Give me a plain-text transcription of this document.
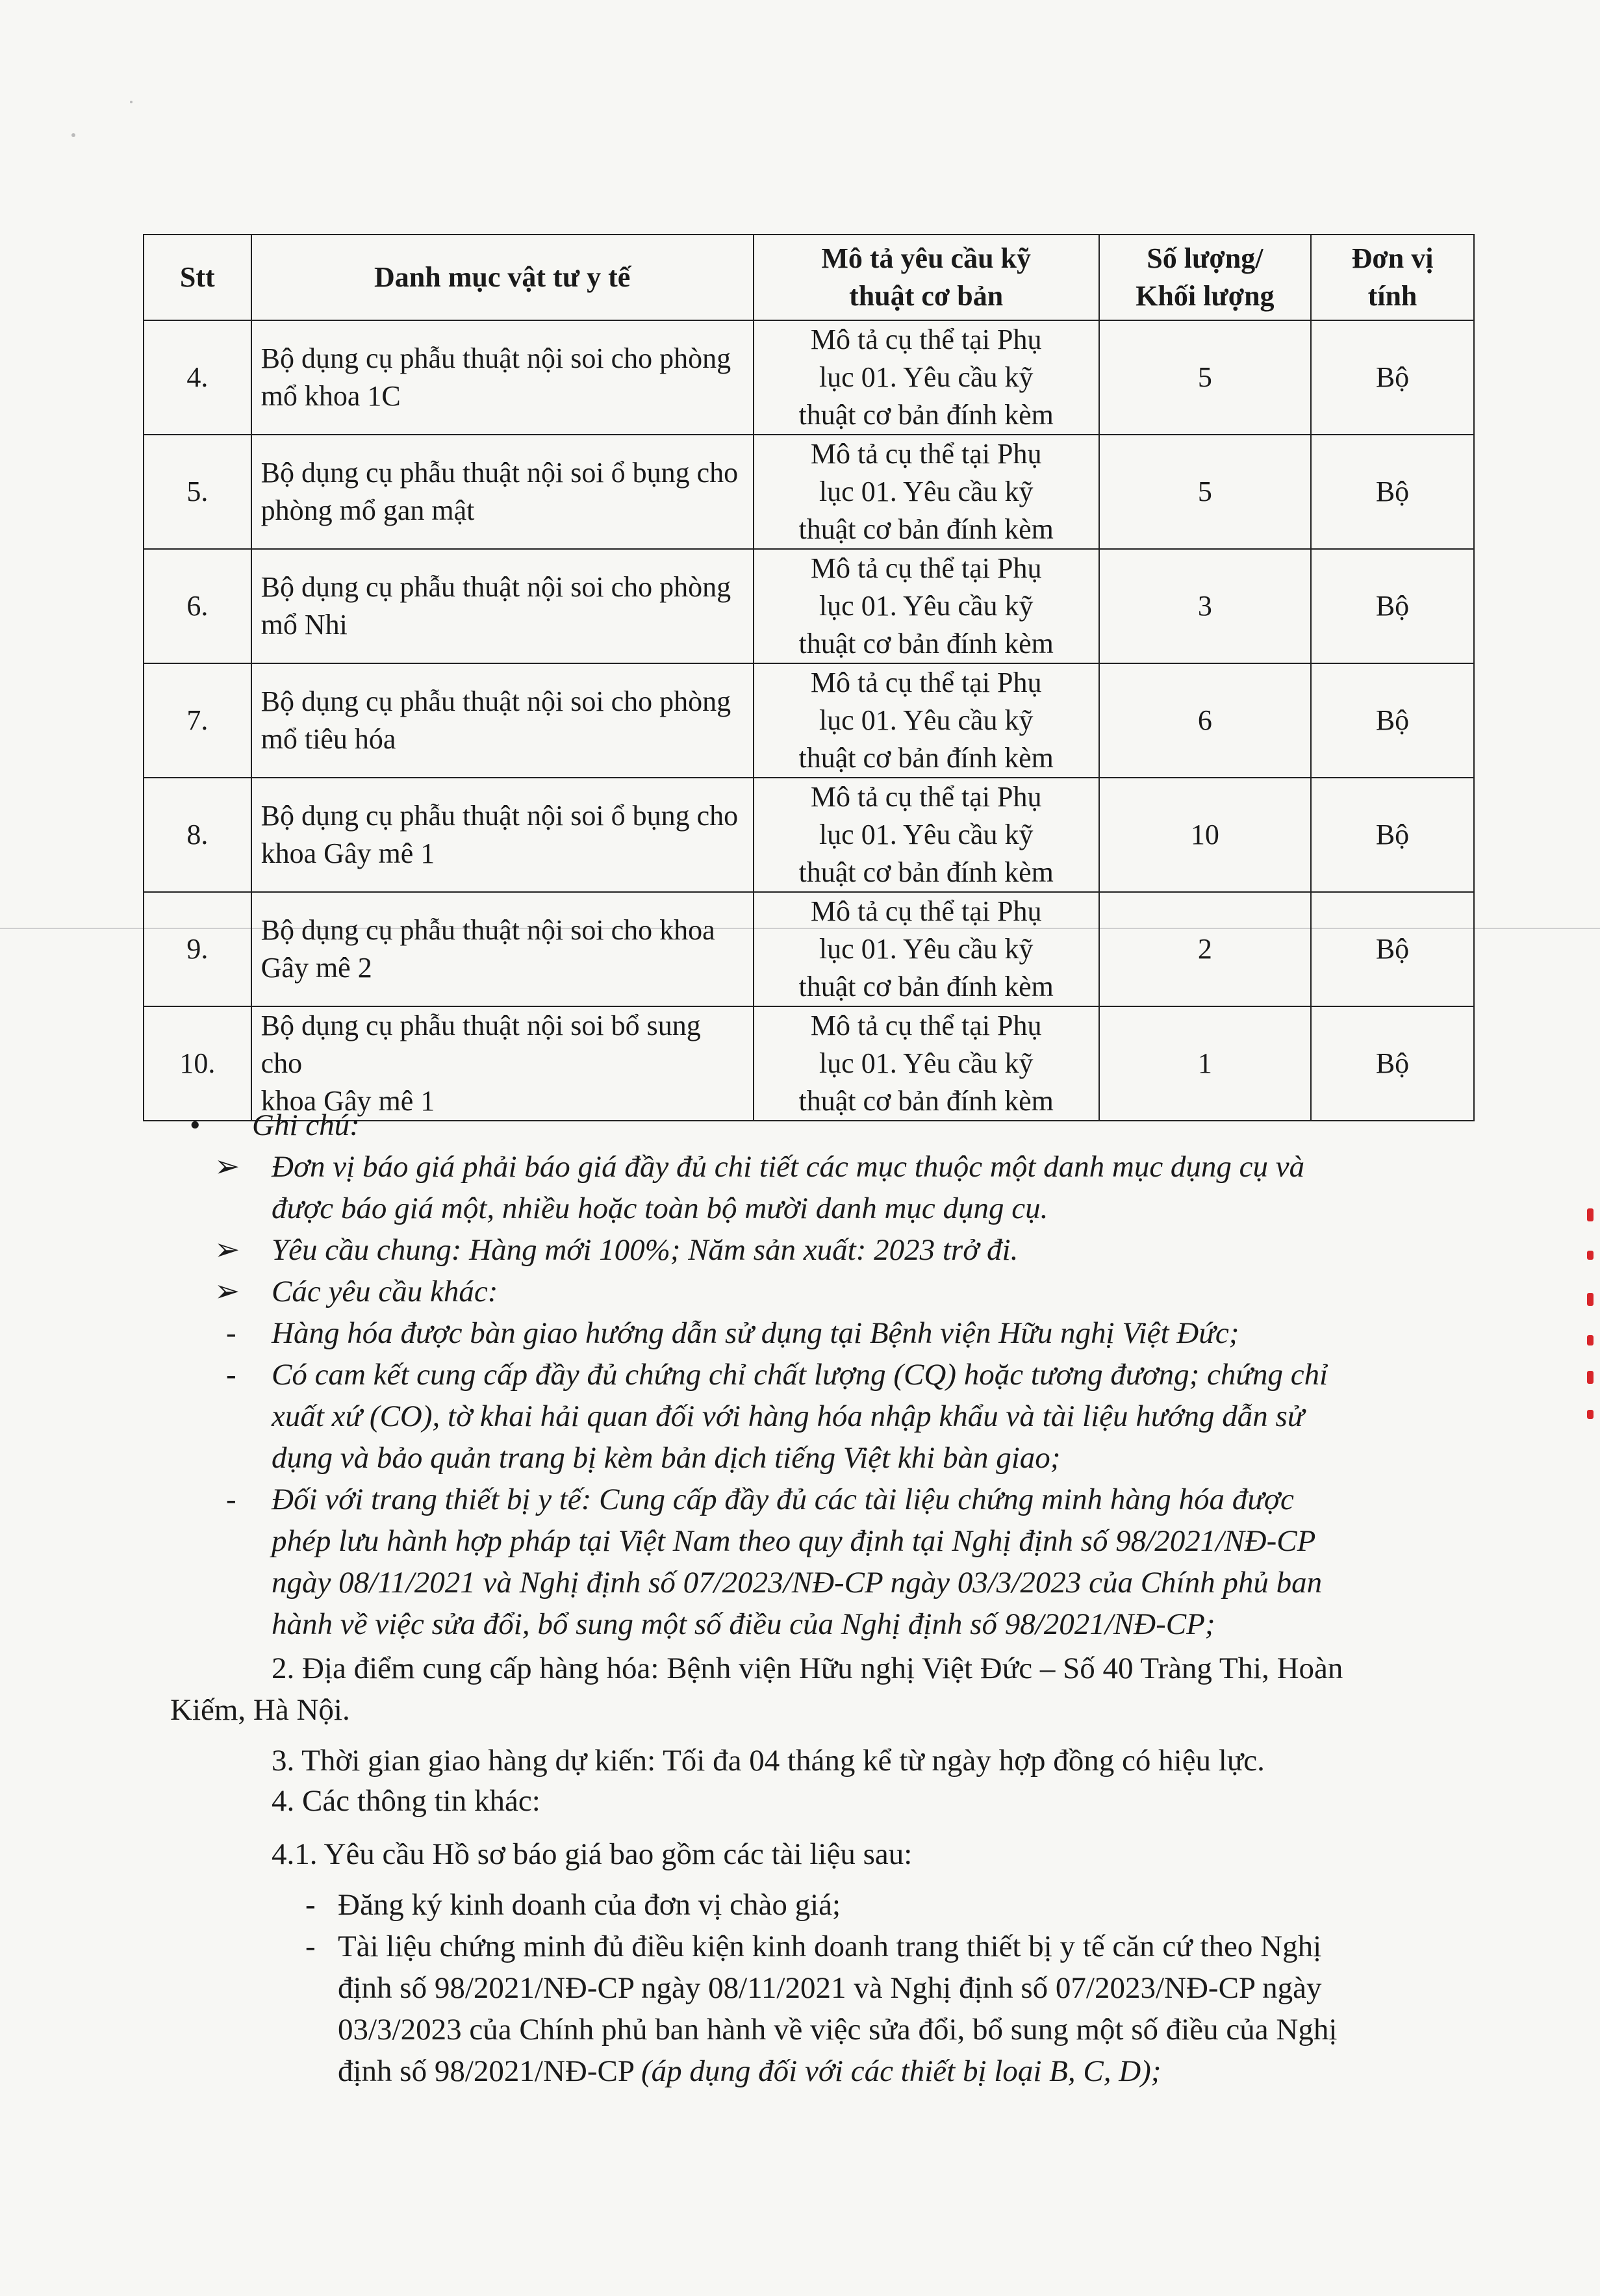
Stt	Danh mục vật tư y tế	Mô tả yêu cầu kỹ
thuật cơ bản	Số lượng/
Khối lượng	Đơn vị
tính
4.	Bộ dụng cụ phẫu thuật nội soi cho phòng
mổ khoa 1C	Mô tả cụ thể tại Phụ
lục 01. Yêu cầu kỹ
thuật cơ bản đính kèm	5	Bộ
5.	Bộ dụng cụ phẫu thuật nội soi ổ bụng cho
phòng mổ gan mật	Mô tả cụ thể tại Phụ
lục 01. Yêu cầu kỹ
thuật cơ bản đính kèm	5	Bộ
6.	Bộ dụng cụ phẫu thuật nội soi cho phòng
mổ Nhi	Mô tả cụ thể tại Phụ
lục 01. Yêu cầu kỹ
thuật cơ bản đính kèm	3	Bộ
7.	Bộ dụng cụ phẫu thuật nội soi cho phòng
mổ tiêu hóa	Mô tả cụ thể tại Phụ
lục 01. Yêu cầu kỹ
thuật cơ bản đính kèm	6	Bộ
8.	Bộ dụng cụ phẫu thuật nội soi ổ bụng cho
khoa Gây mê 1	Mô tả cụ thể tại Phụ
lục 01. Yêu cầu kỹ
thuật cơ bản đính kèm	10	Bộ
9.	Bộ dụng cụ phẫu thuật nội soi cho khoa
Gây mê 2	Mô tả cụ thể tại Phụ
lục 01. Yêu cầu kỹ
thuật cơ bản đính kèm	2	Bộ
10.	Bộ dụng cụ phẫu thuật nội soi bổ sung cho
khoa Gây mê 1	Mô tả cụ thể tại Phụ
lục 01. Yêu cầu kỹ
thuật cơ bản đính kèm	1	Bộ
• Ghi chú:
➢ Đơn vị báo giá phải báo giá đầy đủ chi tiết các mục thuộc một danh mục dụng cụ và
được báo giá một, nhiều hoặc toàn bộ mười danh mục dụng cụ.
➢ Yêu cầu chung: Hàng mới 100%; Năm sản xuất: 2023 trở đi.
➢ Các yêu cầu khác:
- Hàng hóa được bàn giao hướng dẫn sử dụng tại Bệnh viện Hữu nghị Việt Đức;
- Có cam kết cung cấp đầy đủ chứng chỉ chất lượng (CQ) hoặc tương đương; chứng chỉ
xuất xứ (CO), tờ khai hải quan đối với hàng hóa nhập khẩu và tài liệu hướng dẫn sử
dụng và bảo quản trang bị kèm bản dịch tiếng Việt khi bàn giao;
- Đối với trang thiết bị y tế: Cung cấp đầy đủ các tài liệu chứng minh hàng hóa được
phép lưu hành hợp pháp tại Việt Nam theo quy định tại Nghị định số 98/2021/NĐ-CP
ngày 08/11/2021 và Nghị định số 07/2023/NĐ-CP ngày 03/3/2023 của Chính phủ ban
hành về việc sửa đổi, bổ sung một số điều của Nghị định số 98/2021/NĐ-CP;
2. Địa điểm cung cấp hàng hóa: Bệnh viện Hữu nghị Việt Đức – Số 40 Tràng Thi, Hoàn
Kiếm, Hà Nội.
3. Thời gian giao hàng dự kiến: Tối đa 04 tháng kể từ ngày hợp đồng có hiệu lực.
4. Các thông tin khác:
4.1. Yêu cầu Hồ sơ báo giá bao gồm các tài liệu sau:
- Đăng ký kinh doanh của đơn vị chào giá;
- Tài liệu chứng minh đủ điều kiện kinh doanh trang thiết bị y tế căn cứ theo Nghị
định số 98/2021/NĐ-CP ngày 08/11/2021 và Nghị định số 07/2023/NĐ-CP ngày
03/3/2023 của Chính phủ ban hành về việc sửa đổi, bổ sung một số điều của Nghị
định số 98/2021/NĐ-CP (áp dụng đối với các thiết bị loại B, C, D);
